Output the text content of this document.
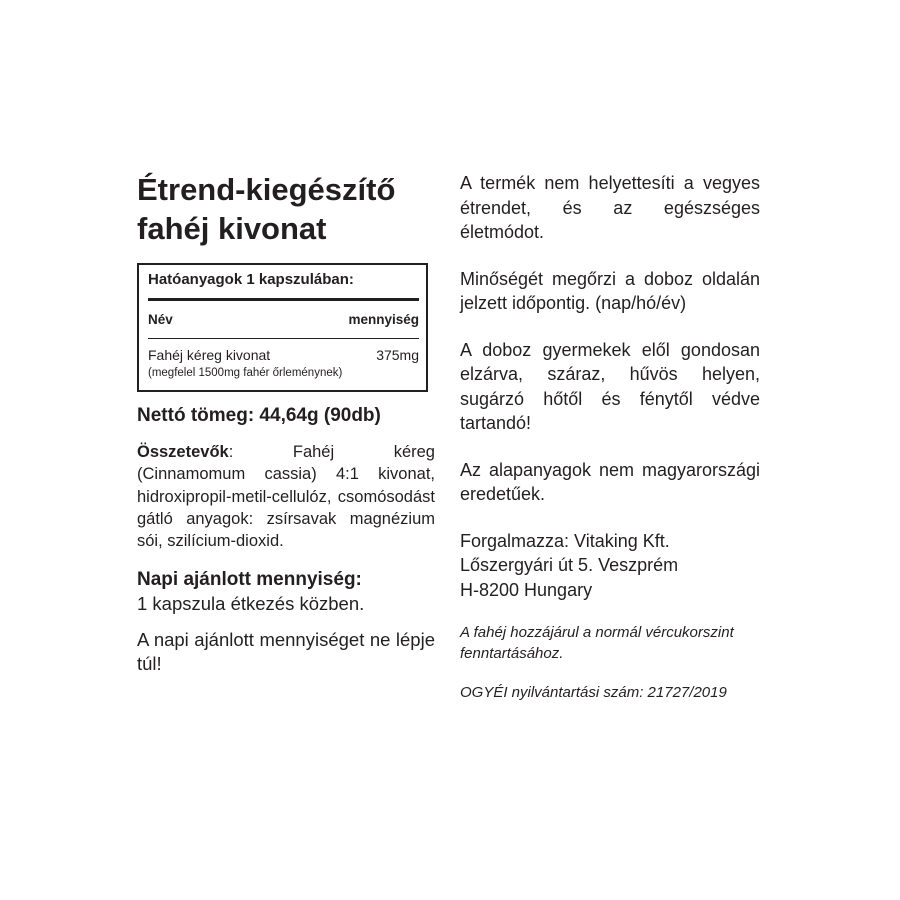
Étrend-kiegészítő
fahéj kivonat
Hatóanyagok 1 kapszulában:
Név	mennyiség
Fahéj kéreg kivonat	375mg
(megfelel 1500mg fahér őrleménynek)
Nettó tömeg: 44,64g (90db)

Összetevők: Fahéj kéreg (Cinnamomum cassia) 4:1 kivonat, hidroxipropil-metil-cellulóz, csomósodást gátló anyagok: zsírsavak magnézium sói, szilícium-dioxid.

Napi ajánlott mennyiség:
1 kapszula étkezés közben.
A napi ajánlott mennyiséget ne lépje túl!

A termék nem helyettesíti a vegyes étrendet, és az egészséges életmódot.

Minőségét megőrzi a doboz oldalán jelzett időpontig. (nap/hó/év)

A doboz gyermekek elől gondosan elzárva, száraz, hűvös helyen, sugárzó hőtől és fénytől védve tartandó!

Az alapanyagok nem magyarországi eredetűek.

Forgalmazza: Vitaking Kft.
Lőszergyári út 5. Veszprém
H-8200 Hungary

A fahéj hozzájárul a normál vércukorszint fenntartásához.

OGYÉI nyilvántartási szám: 21727/2019
